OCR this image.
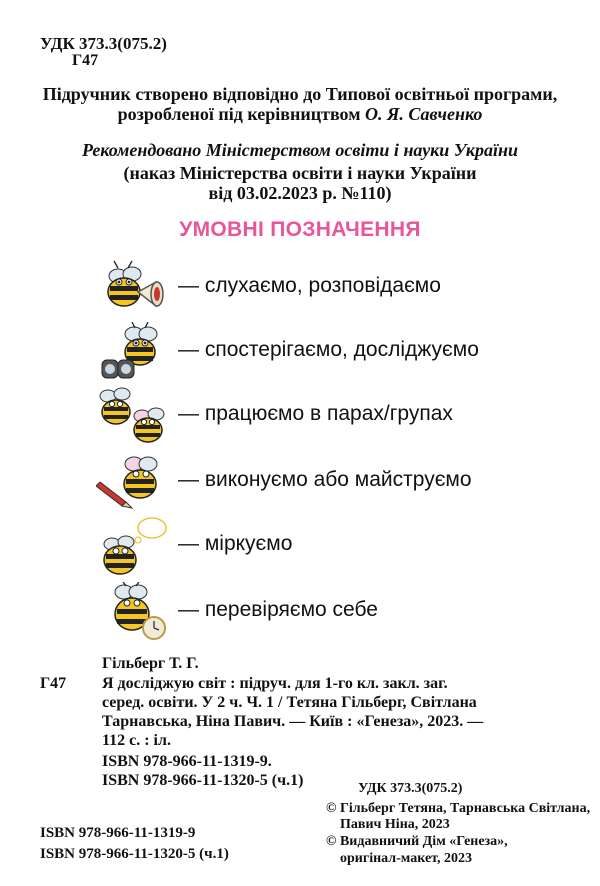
УДК 373.3(075.2)
Г47
Підручник створено відповідно до Типової освітньої програми,
розробленої під керівництвом О. Я. Савченко
Рекомендовано Міністерством освіти і науки України
(наказ Міністерства освіти і науки України
від 03.02.2023 р. №110)
УМОВНІ ПОЗНАЧЕННЯ
— слухаємо, розповідаємо
— спостерігаємо, досліджуємо
— працюємо в парах/групах
— виконуємо або майструємо
— міркуємо
— перевіряємо себе
Гільберг Т. Г.
Г47 Я досліджую світ : підруч. для 1-го кл. закл. заг.
серед. освіти. У 2 ч. Ч. 1 / Тетяна Гільберг, Світлана
Тарнавська, Ніна Павич. — Київ : «Генеза», 2023. —
112 с. : іл.
ISBN 978-966-11-1319-9.
ISBN 978-966-11-1320-5 (ч.1)	УДК 373.3(075.2)
© Гільберг Тетяна, Тарнавська Світлана,
Павич Ніна, 2023
© Видавничий Дім «Генеза»,
оригінал-макет, 2023
ISBN 978-966-11-1319-9
ISBN 978-966-11-1320-5 (ч.1)
